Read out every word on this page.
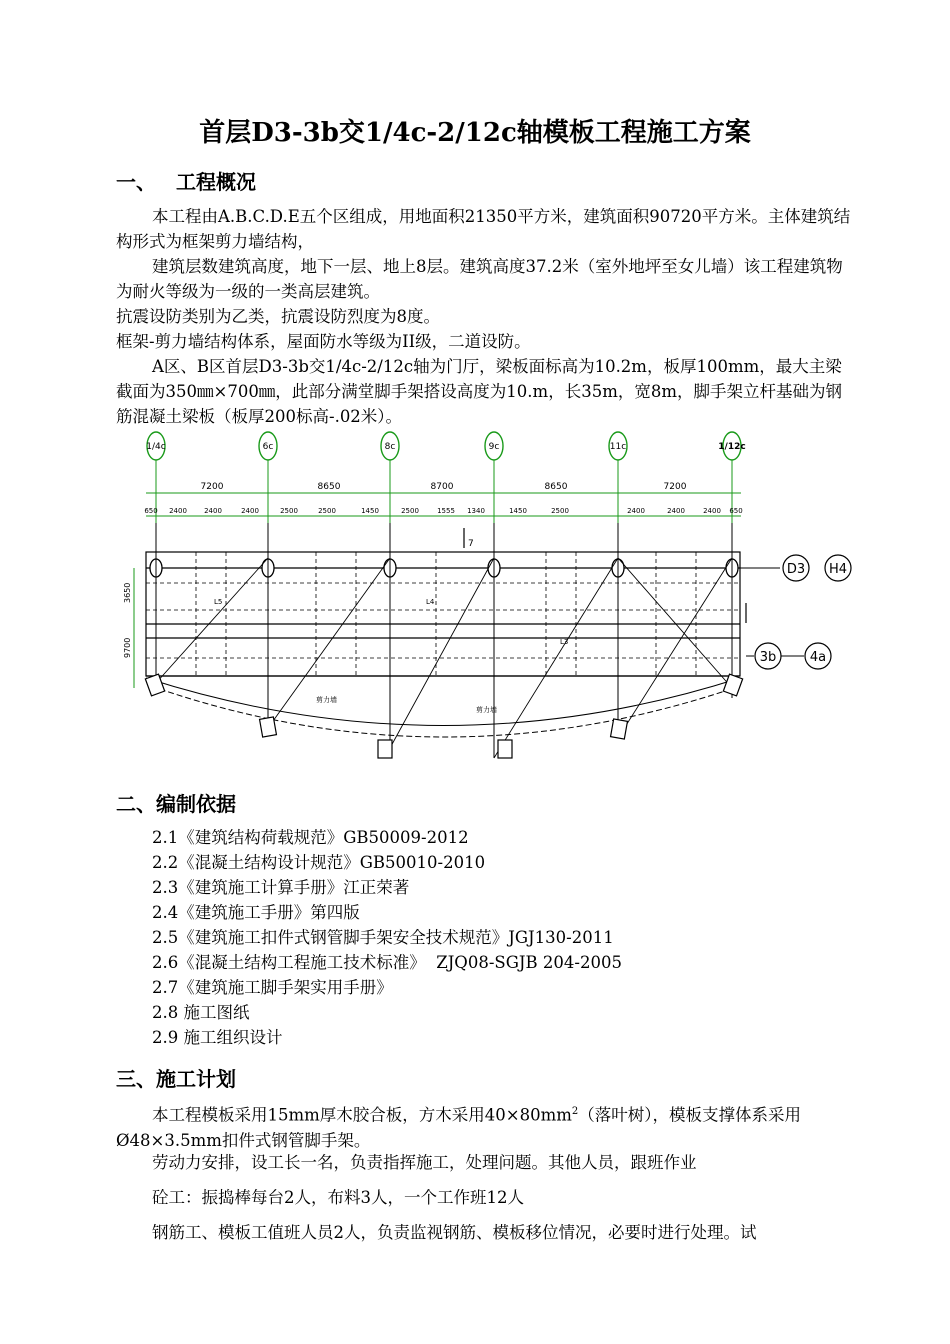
首层D3-3b交1/4c-2/12c轴模板工程施工方案
一、 工程概况
本工程由A.B.C.D.E五个区组成，用地面积21350平方米，建筑面积90720平方米。主体建筑结构形式为框架剪力墙结构，
建筑层数建筑高度，地下一层、地上8层。建筑高度37.2米（室外地坪至女儿墙）该工程建筑物为耐火等级为一级的一类高层建筑。
抗震设防类别为乙类，抗震设防烈度为8度。
框架-剪力墙结构体系，屋面防水等级为II级，二道设防。
A区、B区首层D3-3b交1/4c-2/12c轴为门厅，梁板面标高为10.2m，板厚100mm，最大主梁截面为350㎜×700㎜，此部分满堂脚手架搭设高度为10.m，长35m，宽8m，脚手架立杆基础为钢筋混凝土梁板（板厚200标高-.02米）。
1/4c	6c	8c	9c	11c	1/12c
7200	8650	8700	8650	7200
650 2400 2400	2400	2500	2500	1450	2500	1555 1340	1450	2500	2400	2400	2400 650
3650
9700
L5	L4
L3
剪力墙
剪力墙
7
D3 H4
3b	4a
二、编制依据
2.1《建筑结构荷载规范》GB50009-2012
2.2《混凝土结构设计规范》GB50010-2010
2.3《建筑施工计算手册》江正荣著
2.4《建筑施工手册》第四版
2.5《建筑施工扣件式钢管脚手架安全技术规范》JGJ130-2011
2.6《混凝土结构工程施工技术标准》  ZJQ08-SGJB 204-2005
2.7《建筑施工脚手架实用手册》
2.8 施工图纸
2.9 施工组织设计
三、施工计划
本工程模板采用15mm厚木胶合板，方木采用$40\times 80mm^2$（落叶树），模板支撑体系采用Ø48×3.5mm扣件式钢管脚手架。
劳动力安排，设工长一名，负责指挥施工，处理问题。其他人员，跟班作业
砼工：振捣棒每台2人，布料3人，一个工作班12人
钢筋工、模板工值班人员2人，负责监视钢筋、模板移位情况，必要时进行处理。试
